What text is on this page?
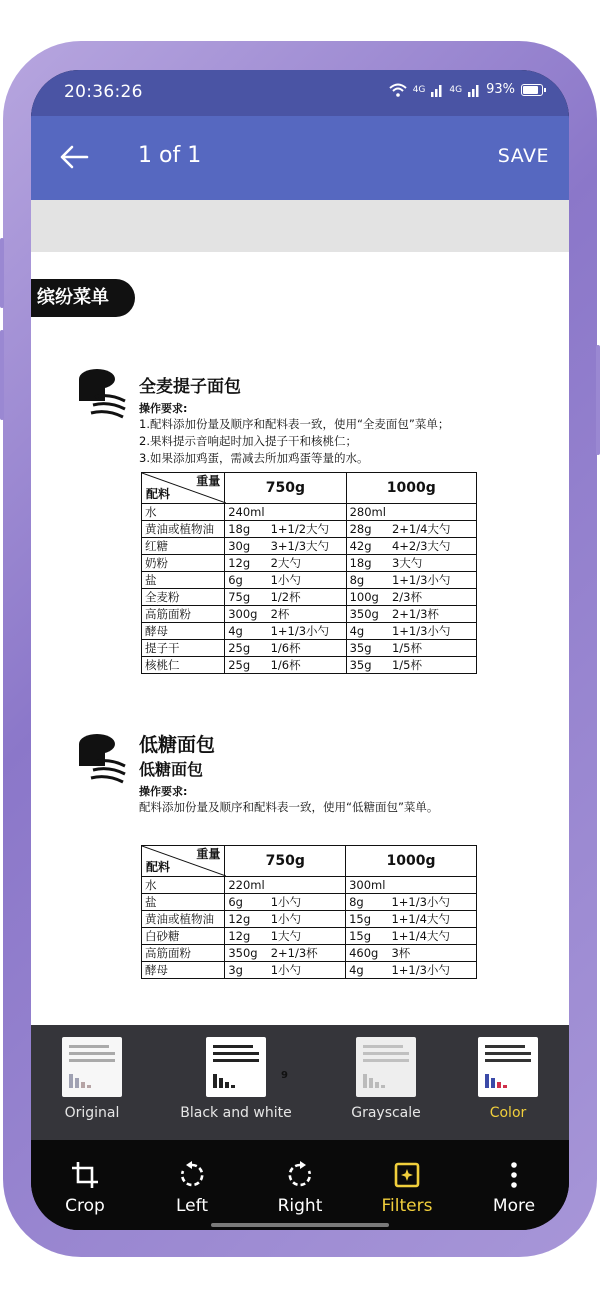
20:36:26	4G	4G 93%
1 of 1	SAVE
缤纷菜单
全麦提子面包
操作要求:
1.配料添加份量及顺序和配料表一致，使用“全麦面包”菜单；
2.果料提示音响起时加入提子干和核桃仁；
3.如果添加鸡蛋，需减去所加鸡蛋等量的水。
重量
配料	750g		1000g	
水	240ml		280ml	
黄油或植物油	18g	1+1/2大勺	28g	2+1/4大勺
红糖	30g	3+1/3大勺	42g	4+2/3大勺
奶粉	12g	2大勺	18g	3大勺
盐	6g	1小勺	8g	1+1/3小勺
全麦粉	75g	1/2杯	100g	2/3杯
高筋面粉	300g	2杯	350g	2+1/3杯
酵母	4g	1+1/3小勺	4g	1+1/3小勺
提子干	25g	1/6杯	35g	1/5杯
核桃仁	25g	1/6杯	35g	1/5杯
低糖面包
低糖面包
操作要求:
配料添加份量及顺序和配料表一致，使用“低糖面包”菜单。
重量
配料	750g		1000g	
水	220ml		300ml	
盐	6g	1小勺	8g	1+1/3小勺
黄油或植物油	12g	1小勺	15g	1+1/4大勺
白砂糖	12g	1大勺	15g	1+1/4大勺
高筋面粉	350g	2+1/3杯	460g	3杯
酵母	3g	1小勺	4g	1+1/3小勺
Original	Black and white	Grayscale	Color
9
Crop	Left	Right	Filters	More
